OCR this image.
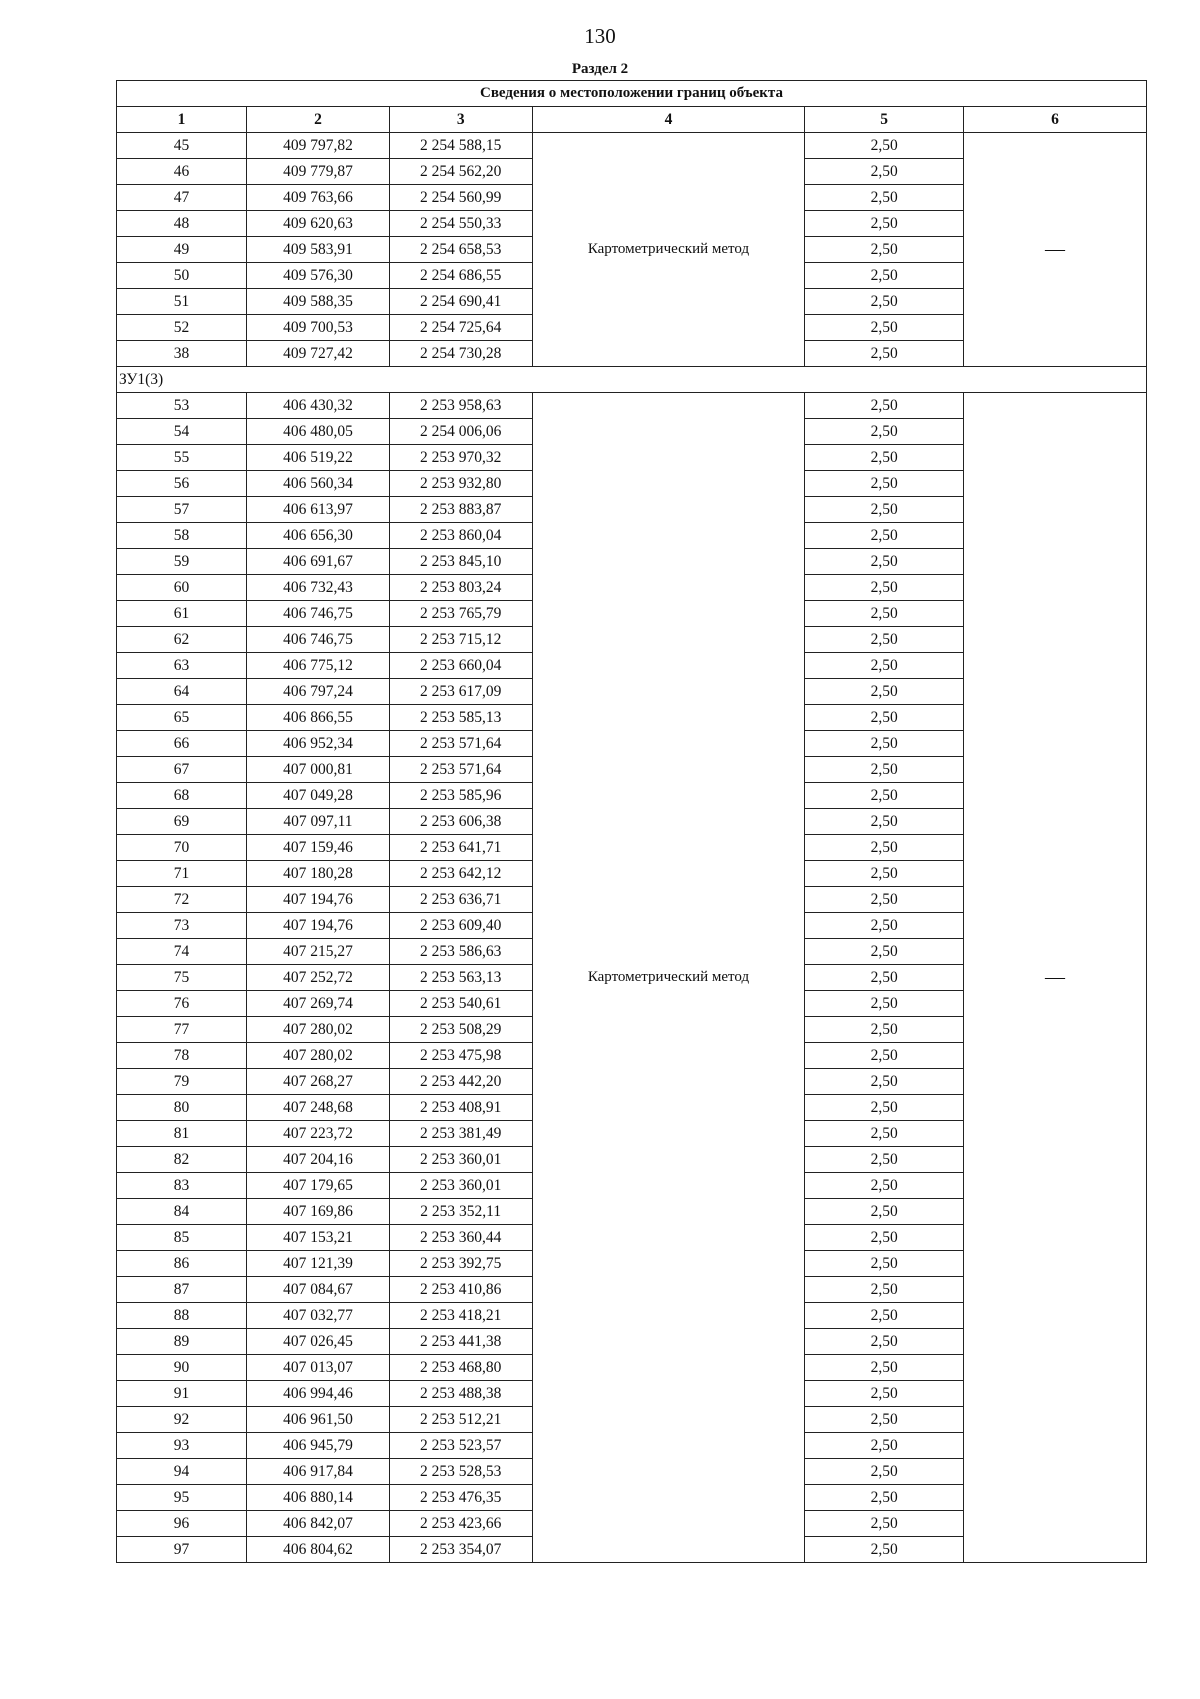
130
Раздел 2
Сведения о местоположении границ объекта					
1	2	3	4	5	6
45	409 797,82	2 254 588,15	Картометрический метод	2,50	—
46	409 779,87	2 254 562,20		2,50	
47	409 763,66	2 254 560,99		2,50	
48	409 620,63	2 254 550,33		2,50	
49	409 583,91	2 254 658,53		2,50	
50	409 576,30	2 254 686,55		2,50	
51	409 588,35	2 254 690,41		2,50	
52	409 700,53	2 254 725,64		2,50	
38	409 727,42	2 254 730,28		2,50	
ЗУ1(3)					
53	406 430,32	2 253 958,63	Картометрический метод	2,50	—
54	406 480,05	2 254 006,06		2,50	
55	406 519,22	2 253 970,32		2,50	
56	406 560,34	2 253 932,80		2,50	
57	406 613,97	2 253 883,87		2,50	
58	406 656,30	2 253 860,04		2,50	
59	406 691,67	2 253 845,10		2,50	
60	406 732,43	2 253 803,24		2,50	
61	406 746,75	2 253 765,79		2,50	
62	406 746,75	2 253 715,12		2,50	
63	406 775,12	2 253 660,04		2,50	
64	406 797,24	2 253 617,09		2,50	
65	406 866,55	2 253 585,13		2,50	
66	406 952,34	2 253 571,64		2,50	
67	407 000,81	2 253 571,64		2,50	
68	407 049,28	2 253 585,96		2,50	
69	407 097,11	2 253 606,38		2,50	
70	407 159,46	2 253 641,71		2,50	
71	407 180,28	2 253 642,12		2,50	
72	407 194,76	2 253 636,71		2,50	
73	407 194,76	2 253 609,40		2,50	
74	407 215,27	2 253 586,63		2,50	
75	407 252,72	2 253 563,13		2,50	
76	407 269,74	2 253 540,61		2,50	
77	407 280,02	2 253 508,29		2,50	
78	407 280,02	2 253 475,98		2,50	
79	407 268,27	2 253 442,20		2,50	
80	407 248,68	2 253 408,91		2,50	
81	407 223,72	2 253 381,49		2,50	
82	407 204,16	2 253 360,01		2,50	
83	407 179,65	2 253 360,01		2,50	
84	407 169,86	2 253 352,11		2,50	
85	407 153,21	2 253 360,44		2,50	
86	407 121,39	2 253 392,75		2,50	
87	407 084,67	2 253 410,86		2,50	
88	407 032,77	2 253 418,21		2,50	
89	407 026,45	2 253 441,38		2,50	
90	407 013,07	2 253 468,80		2,50	
91	406 994,46	2 253 488,38		2,50	
92	406 961,50	2 253 512,21		2,50	
93	406 945,79	2 253 523,57		2,50	
94	406 917,84	2 253 528,53		2,50	
95	406 880,14	2 253 476,35		2,50	
96	406 842,07	2 253 423,66		2,50	
97	406 804,62	2 253 354,07		2,50	
